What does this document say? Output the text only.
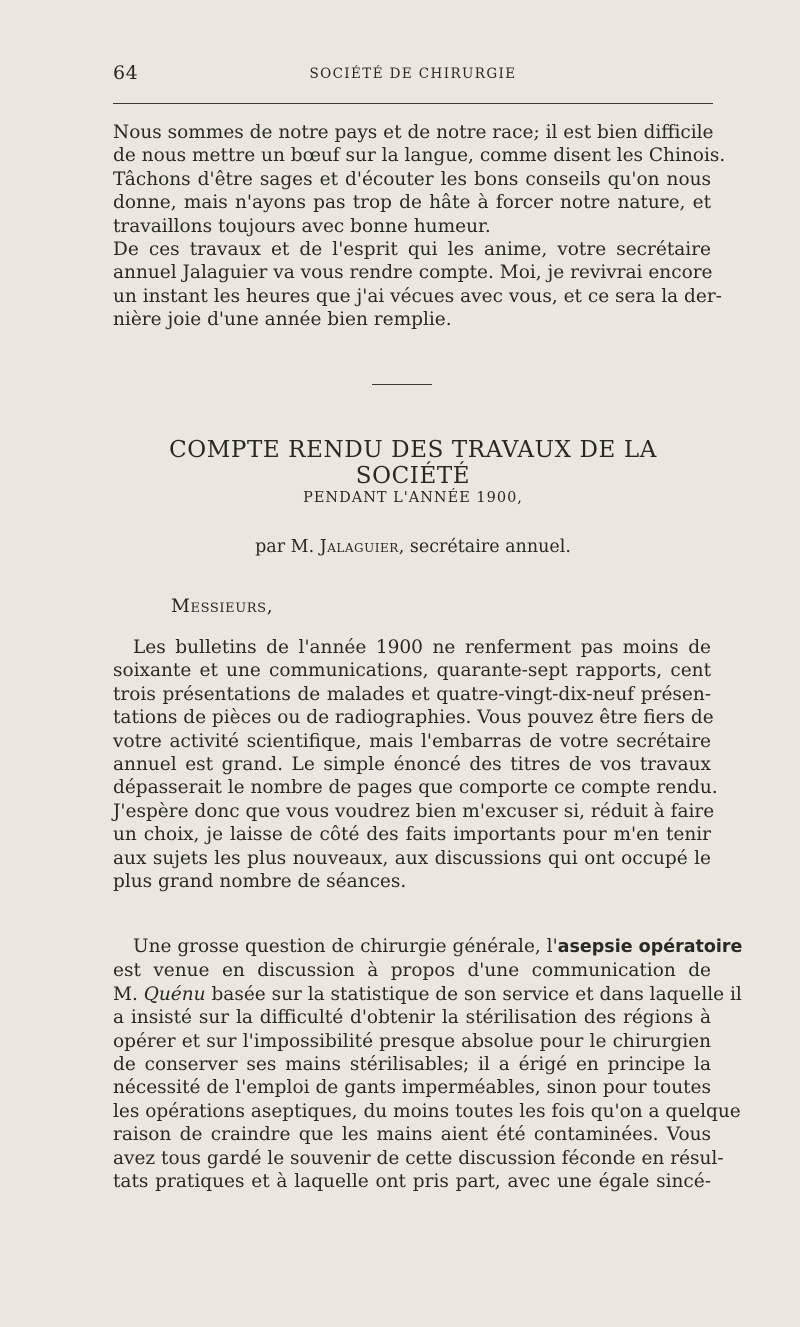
64	SOCIÉTÉ DE CHIRURGIE
Nous sommes de notre pays et de notre race; il est bien difficile
de nous mettre un bœuf sur la langue, comme disent les Chinois.
Tâchons d'être sages et d'écouter les bons conseils qu'on nous
donne, mais n'ayons pas trop de hâte à forcer notre nature, et
travaillons toujours avec bonne humeur.
De ces travaux et de l'esprit qui les anime, votre secrétaire
annuel Jalaguier va vous rendre compte. Moi, je revivrai encore
un instant les heures que j'ai vécues avec vous, et ce sera la der-
nière joie d'une année bien remplie.
COMPTE RENDU DES TRAVAUX DE LA SOCIÉTÉ
PENDANT L'ANNÉE 1900,
par M. Jalaguier, secrétaire annuel.
Messieurs,
Les bulletins de l'année 1900 ne renferment pas moins de
soixante et une communications, quarante-sept rapports, cent
trois présentations de malades et quatre-vingt-dix-neuf présen-
tations de pièces ou de radiographies. Vous pouvez être fiers de
votre activité scientifique, mais l'embarras de votre secrétaire
annuel est grand. Le simple énoncé des titres de vos travaux
dépasserait le nombre de pages que comporte ce compte rendu.
J'espère donc que vous voudrez bien m'excuser si, réduit à faire
un choix, je laisse de côté des faits importants pour m'en tenir
aux sujets les plus nouveaux, aux discussions qui ont occupé le
plus grand nombre de séances.
Une grosse question de chirurgie générale, l'asepsie opératoire
est venue en discussion à propos d'une communication de
M. Quénu basée sur la statistique de son service et dans laquelle il
a insisté sur la difficulté d'obtenir la stérilisation des régions à
opérer et sur l'impossibilité presque absolue pour le chirurgien
de conserver ses mains stérilisables; il a érigé en principe la
nécessité de l'emploi de gants imperméables, sinon pour toutes
les opérations aseptiques, du moins toutes les fois qu'on a quelque
raison de craindre que les mains aient été contaminées. Vous
avez tous gardé le souvenir de cette discussion féconde en résul-
tats pratiques et à laquelle ont pris part, avec une égale sincé-
